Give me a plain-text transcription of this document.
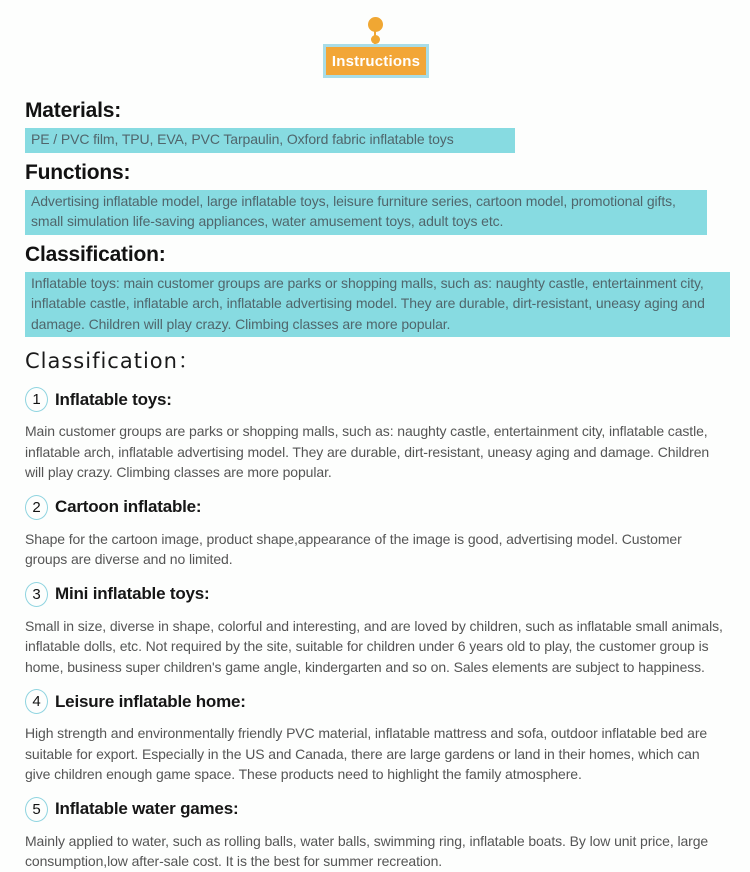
Instructions
Materials:
PE / PVC film, TPU, EVA, PVC Tarpaulin, Oxford fabric inflatable toys
Functions:
Advertising inflatable model, large inflatable toys, leisure furniture series, cartoon model, promotional gifts, small simulation life-saving appliances, water amusement toys, adult toys etc.
Classification:
Inflatable toys: main customer groups are parks or shopping malls, such as: naughty castle, entertainment city, inflatable castle, inflatable arch, inflatable advertising model. They are durable, dirt-resistant, uneasy aging and damage. Children will play crazy. Climbing classes are more popular.
Classification：
1 Inflatable toys:
Main customer groups are parks or shopping malls, such as: naughty castle, entertainment city, inflatable castle, inflatable arch, inflatable advertising model. They are durable, dirt-resistant, uneasy aging and damage. Children will play crazy. Climbing classes are more popular.
2 Cartoon inflatable:
Shape for the cartoon image, product shape,appearance of the image is good, advertising model. Customer groups are diverse and no limited.
3 Mini inflatable toys:
Small in size, diverse in shape, colorful and interesting, and are loved by children, such as inflatable small animals, inflatable dolls, etc. Not required by the site, suitable for children under 6 years old to play, the customer group is home, business super children's game angle, kindergarten and so on. Sales elements are subject to happiness.
4 Leisure inflatable home:
High strength and environmentally friendly PVC material, inflatable mattress and sofa, outdoor inflatable bed are suitable for export. Especially in the US and Canada, there are large gardens or land in their homes, which can give children enough game space. These products need to highlight the family atmosphere.
5 Inflatable water games:
Mainly applied to water, such as rolling balls, water balls, swimming ring, inflatable boats. By low unit price, large consumption,low after-sale cost. It is the best for summer recreation.
